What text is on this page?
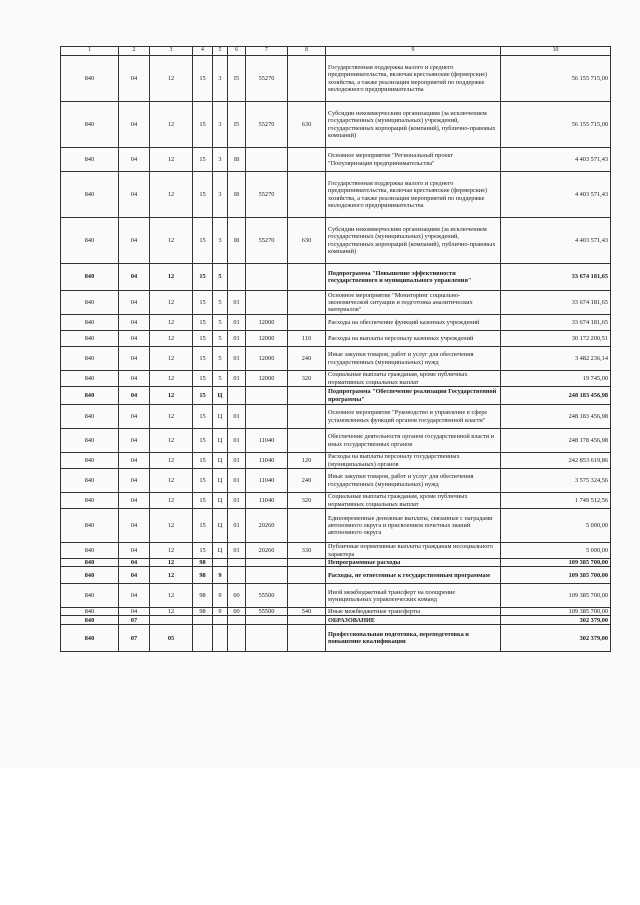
1	2	3	4	5	6	7	8	9	10
840	04	12	15	3	I5	55270		Государственная поддержка малого и среднего предпринимательства, включая крестьянские (фермерские) хозяйства, а также реализация мероприятий по поддержке молодежного предпринимательства	56 155 715,00
840	04	12	15	3	I5	55270	630	Субсидии некоммерческим организациям (за исключением государственных (муниципальных) учреждений, государственных корпораций (компаний), публично-правовых компаний)	56 155 715,00
840	04	12	15	3	I8			Основное мероприятие "Региональный проект "Популяризация предпринимательства"	4 403 571,43
840	04	12	15	3	I8	55270		Государственная поддержка малого и среднего предпринимательства, включая крестьянские (фермерские) хозяйства, а также реализация мероприятий по поддержке молодежного предпринимательства	4 403 571,43
840	04	12	15	3	I8	55270	630	Субсидии некоммерческим организациям (за исключением государственных (муниципальных) учреждений, государственных корпораций (компаний), публично-правовых компаний)	4 403 571,43
840	04	12	15	5				Подпрограмма "Повышение эффективности государственного и муниципального управления"	33 674 181,65
840	04	12	15	5	01			Основное мероприятие "Мониторинг социально-экономической ситуации и подготовка аналитических материалов"	33 674 181,65
840	04	12	15	5	01	12000		Расходы на обеспечение функций казенных учреждений	33 674 181,65
840	04	12	15	5	01	12000	110	Расходы на выплаты персоналу казенных учреждений	30 172 200,51
840	04	12	15	5	01	12000	240	Иные закупки товаров, работ и услуг для обеспечения государственных (муниципальных) нужд	3 482 236,14
840	04	12	15	5	01	12000	320	Социальные выплаты гражданам, кроме публичных нормативных социальных выплат	19 745,00
840	04	12	15	Ц				Подпрограмма "Обеспечение реализации Государственной программы"	248 183 456,98
840	04	12	15	Ц	01			Основное мероприятие "Руководство и управление в сфере установленных функций органов государственной власти"	248 183 456,98
840	04	12	15	Ц	01	11040		Обеспечение деятельности органов государственной власти и иных государственных органов	248 178 456,98
840	04	12	15	Ц	01	11040	120	Расходы на выплаты персоналу государственных (муниципальных) органов	242 853 619,86
840	04	12	15	Ц	01	11040	240	Иные закупки товаров, работ и услуг для обеспечения государственных (муниципальных) нужд	3 575 324,56
840	04	12	15	Ц	01	11040	320	Социальные выплаты гражданам, кроме публичных нормативных социальных выплат	1 749 512,56
840	04	12	15	Ц	01	20260		Единовременные денежные выплаты, связанные с наградами автономного округа и присвоением почетных званий автономного округа	5 000,00
840	04	12	15	Ц	01	20260	330	Публичные нормативные выплаты гражданам несоциального характера	5 000,00
840	04	12	98					Непрограммные расходы	109 385 700,00
840	04	12	98	9				Расходы, не отнесенные к государственным программам	109 385 700,00
840	04	12	98	9	00	55500		Иной межбюджетный трансферт на поощрение муниципальных управленческих команд	109 385 700,00
840	04	12	98	9	00	55500	540	Иные межбюджетные трансферты	109 385 700,00
840	07							ОБРАЗОВАНИЕ	302 379,00
840	07	05						Профессиональная подготовка, переподготовка и повышение квалификации	302 379,00
